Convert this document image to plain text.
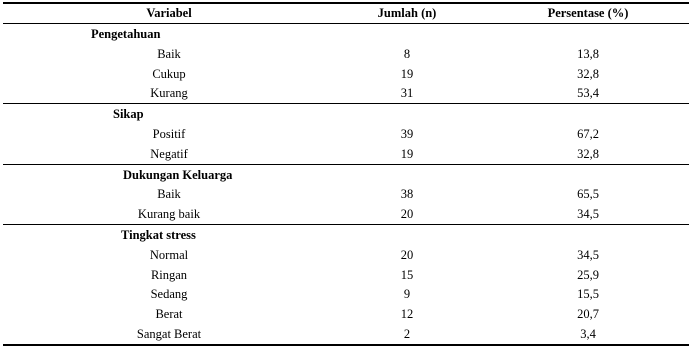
Variabel	Jumlah (n)	Persentase (%)
Pengetahuan
Baik	8	13,8
Cukup	19	32,8
Kurang	31	53,4
Sikap
Positif	39	67,2
Negatif	19	32,8
Dukungan Keluarga
Baik	38	65,5
Kurang baik	20	34,5
Tingkat stress
Normal	20	34,5
Ringan	15	25,9
Sedang	9	15,5
Berat	12	20,7
Sangat Berat	2	3,4
